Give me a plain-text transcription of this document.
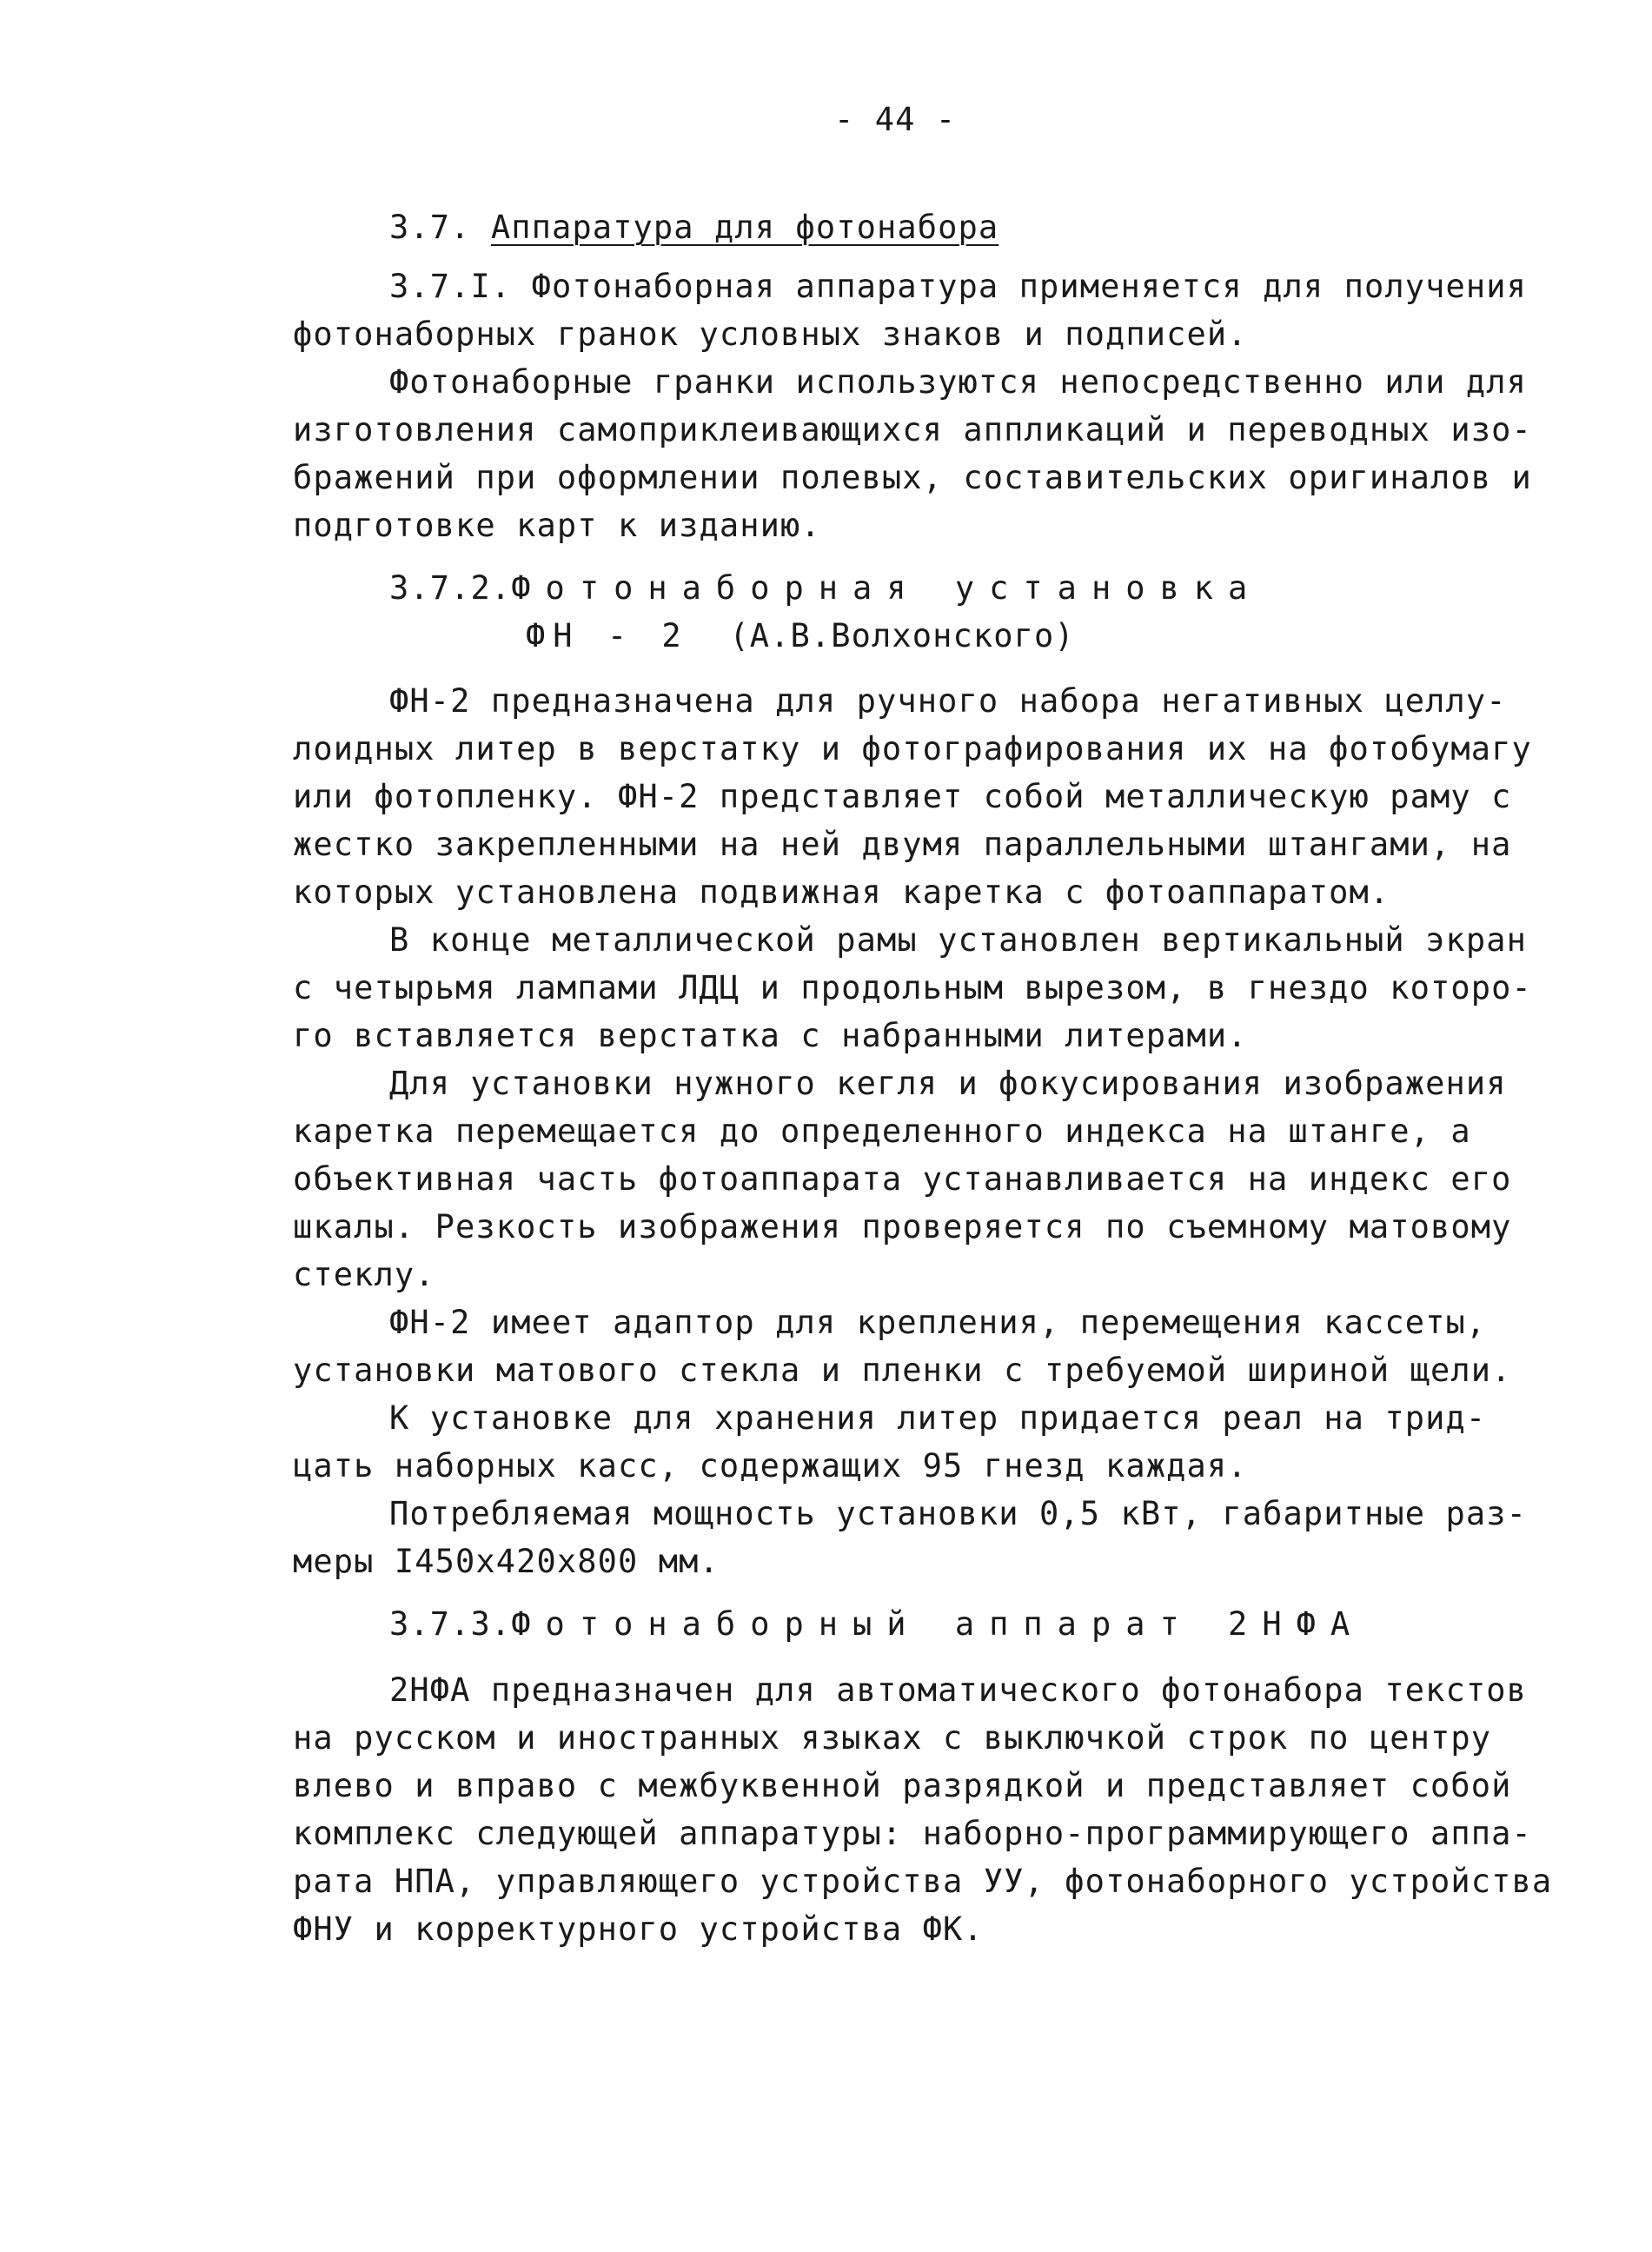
- 44 -
3.7. Аппаратура для фотонабора
3.7.I. Фотонаборная аппаратура применяется для получения
фотонаборных гранок условных знаков и подписей.
Фотонаборные гранки используются непосредственно или для
изготовления самоприклеивающихся аппликаций и переводных изо-
бражений при оформлении полевых, составительских оригиналов и
подготовке карт к изданию.
3.7.2.Фотонаборная установка
ФН - 2 (А.В.Волхонского)
ФН-2 предназначена для ручного набора негативных целлу-
лоидных литер в верстатку и фотографирования их на фотобумагу
или фотопленку. ФН-2 представляет собой металлическую раму с
жестко закрепленными на ней двумя параллельными штангами, на
которых установлена подвижная каретка с фотоаппаратом.
В конце металлической рамы установлен вертикальный экран
с четырьмя лампами ЛДЦ и продольным вырезом, в гнездо которо-
го вставляется верстатка с набранными литерами.
Для установки нужного кегля и фокусирования изображения
каретка перемещается до определенного индекса на штанге, а
объективная часть фотоаппарата устанавливается на индекс его
шкалы. Резкость изображения проверяется по съемному матовому
стеклу.
ФН-2 имеет адаптор для крепления, перемещения кассеты,
установки матового стекла и пленки с требуемой шириной щели.
К установке для хранения литер придается реал на трид-
цать наборных касс, содержащих 95 гнезд каждая.
Потребляемая мощность установки 0,5 кВт, габаритные раз-
меры I450x420x800 мм.
3.7.3.Фотонаборный аппарат 2НФА
2НФА предназначен для автоматического фотонабора текстов
на русском и иностранных языках с выключкой строк по центру
влево и вправо с межбуквенной разрядкой и представляет собой
комплекс следующей аппаратуры: наборно-программирующего аппа-
рата НПА, управляющего устройства УУ, фотонаборного устройства
ФНУ и корректурного устройства ФК.
